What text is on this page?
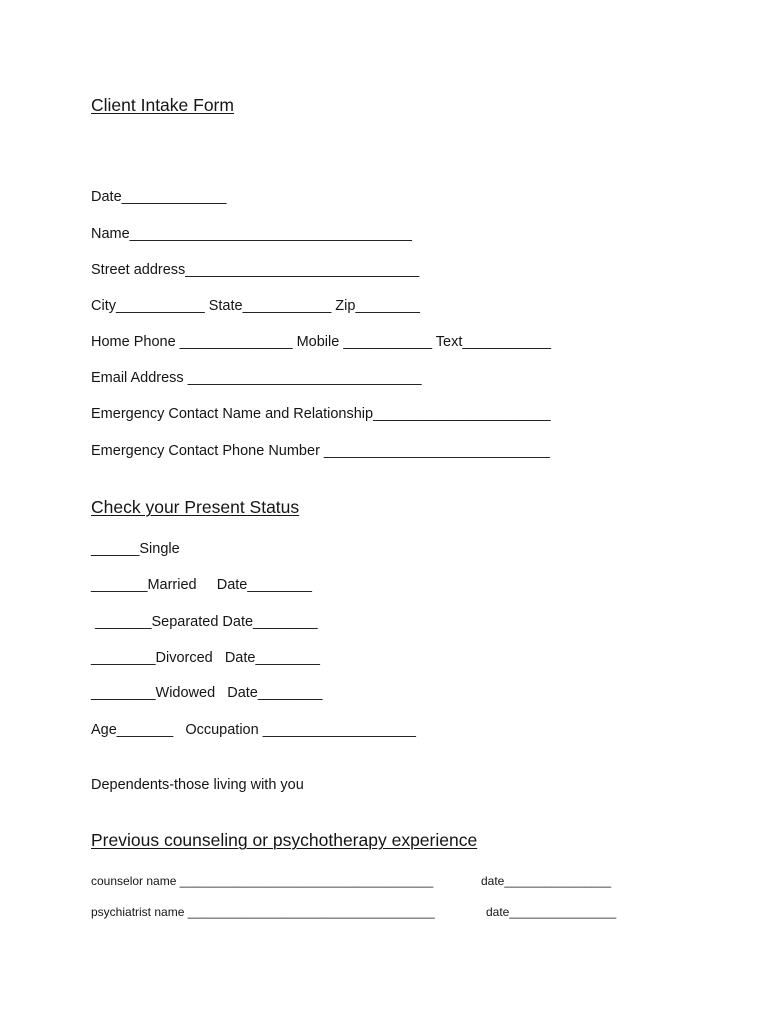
Client Intake Form
Date_____________
Name___________________________________
Street address_____________________________
City___________ State___________ Zip________
Home Phone ______________ Mobile ___________ Text___________
Email Address _____________________________
Emergency Contact Name and Relationship______________________
Emergency Contact Phone Number ____________________________
Check your Present Status
______Single
_______Married     Date________
_______Separated Date________
________Divorced   Date________
________Widowed   Date________
Age_______   Occupation ___________________
Dependents-those living with you
Previous counseling or psychotherapy experience
counselor name ______________________________________	date________________
psychiatrist name _____________________________________	date________________
